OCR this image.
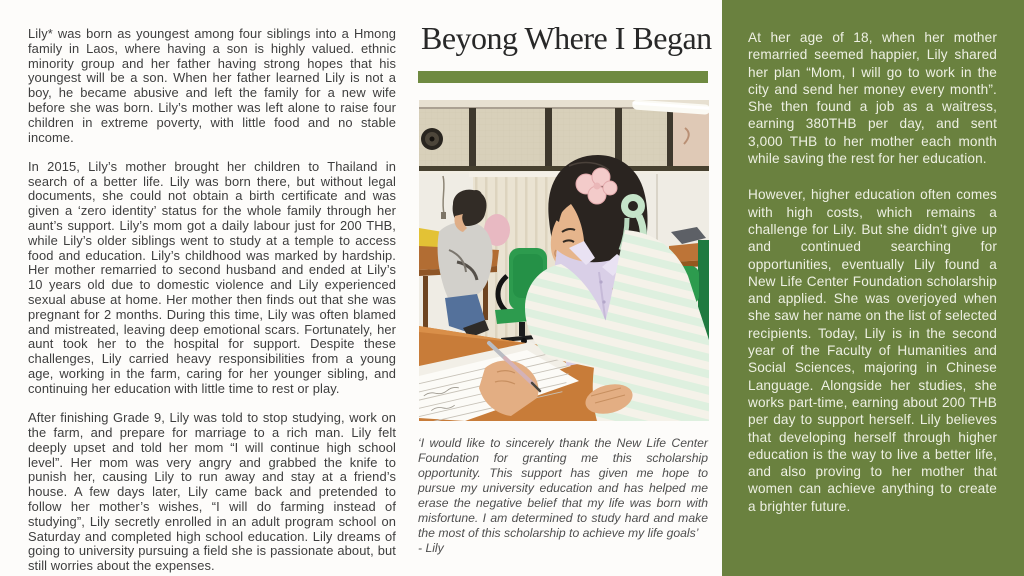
Lily* was born as youngest among four siblings into a Hmong family in Laos, where having a son is highly valued. ethnic minority group and her father having strong hopes that his youngest will be a son. When her father learned Lily is not a boy, he became abusive and left the family for a new wife before she was born. Lily’s mother was left alone to raise four children in extreme poverty, with little food and no stable income.

In 2015, Lily’s mother brought her children to Thailand in search of a better life. Lily was born there, but without legal documents, she could not obtain a birth certificate and was given a ‘zero identity’ status for the whole family through her aunt’s support. Lily’s mom got a daily labour just for 200 THB, while Lily’s older siblings went to study at a temple to access food and education. Lily’s childhood was marked by hardship. Her mother remarried to second husband and ended at Lily’s 10 years old due to domestic violence and Lily experienced sexual abuse at home. Her mother then finds out that she was pregnant for 2 months. During this time, Lily was often blamed and mistreated, leaving deep emotional scars. Fortunately, her aunt took her to the hospital for support. Despite these challenges, Lily carried heavy responsibilities from a young age, working in the farm, caring for her younger sibling, and continuing her education with little time to rest or play.

After finishing Grade 9, Lily was told to stop studying, work on the farm, and prepare for marriage to a rich man. Lily felt deeply upset and told her mom “I will continue high school level”. Her mom was very angry and grabbed the knife to punish her, causing Lily to run away and stay at a friend’s house. A few days later, Lily came back and pretended to follow her mother’s wishes, “I will do farming instead of studying”, Lily secretly enrolled in an adult program school on Saturday and completed high school education. Lily dreams of going to university pursuing a field she is passionate about, but still worries about the expenses.

Beyong Where I Began

‘I would like to sincerely thank the New Life Center Foundation for granting me this scholarship opportunity. This support has given me hope to pursue my university education and has helped me erase the negative belief that my life was born with misfortune. I am determined to study hard and make the most of this scholarship to achieve my life goals’

- Lily

At her age of 18, when her mother remarried seemed happier, Lily shared her plan “Mom, I will go to work in the city and send her money every month”. She then found a job as a waitress, earning 380THB per day, and sent 3,000 THB to her mother each month while saving the rest for her education.

However, higher education often comes with high costs, which remains a challenge for Lily. But she didn’t give up and continued searching for opportunities, eventually Lily found a New Life Center Foundation scholarship and applied. She was overjoyed when she saw her name on the list of selected recipients. Today, Lily is in the second year of the Faculty of Humanities and Social Sciences, majoring in Chinese Language. Alongside her studies, she works part-time, earning about 200 THB per day to support herself. Lily believes that developing herself through higher education is the way to live a better life, and also proving to her mother that women can achieve anything to create a brighter future.
